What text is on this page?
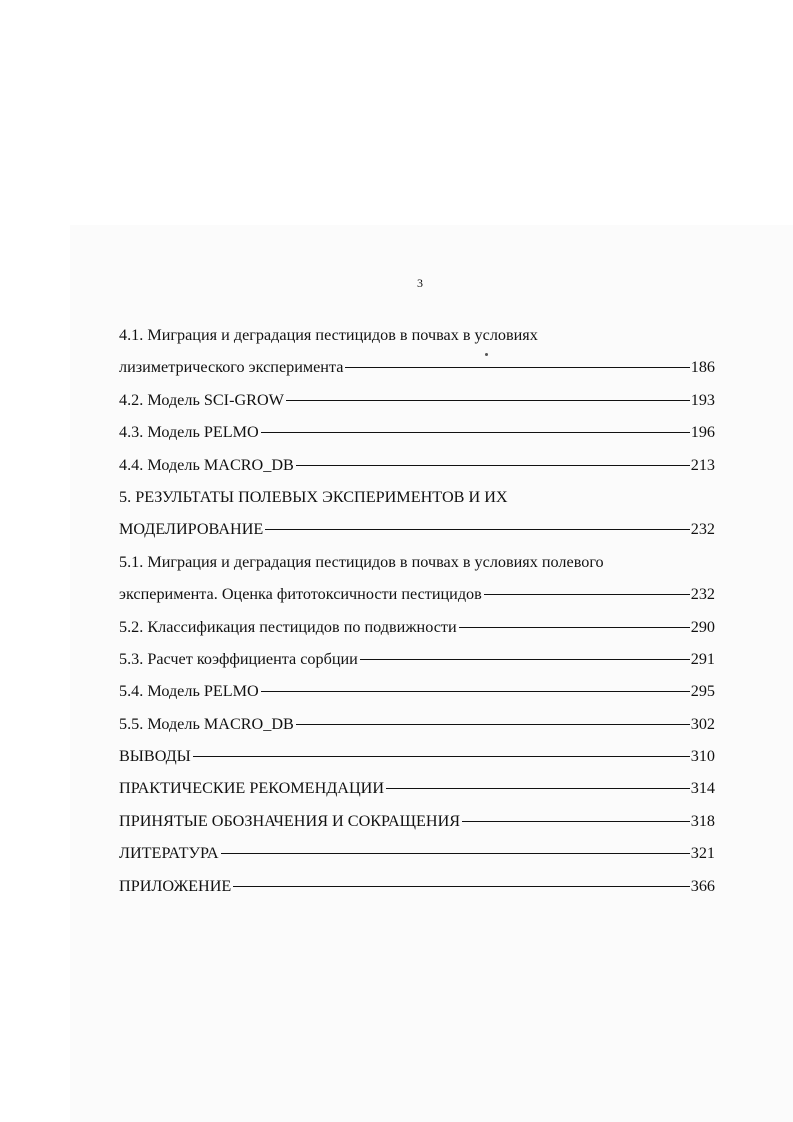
3
4.1. Миграция и деградация пестицидов в почвах в условиях
лизиметрического эксперимента	186
4.2. Модель SCI-GROW	193
4.3. Модель PELMO	196
4.4. Модель MACRO_DB	213
5. РЕЗУЛЬТАТЫ ПОЛЕВЫХ ЭКСПЕРИМЕНТОВ И ИХ
МОДЕЛИРОВАНИЕ	232
5.1. Миграция и деградация пестицидов в почвах в условиях полевого
эксперимента. Оценка фитотоксичности пестицидов	232
5.2. Классификация пестицидов по подвижности	290
5.3. Расчет коэффициента сорбции	291
5.4. Модель PELMO	295
5.5. Модель MACRO_DB	302
ВЫВОДЫ	310
ПРАКТИЧЕСКИЕ РЕКОМЕНДАЦИИ	314
ПРИНЯТЫЕ ОБОЗНАЧЕНИЯ И СОКРАЩЕНИЯ	318
ЛИТЕРАТУРА	321
ПРИЛОЖЕНИЕ	366
